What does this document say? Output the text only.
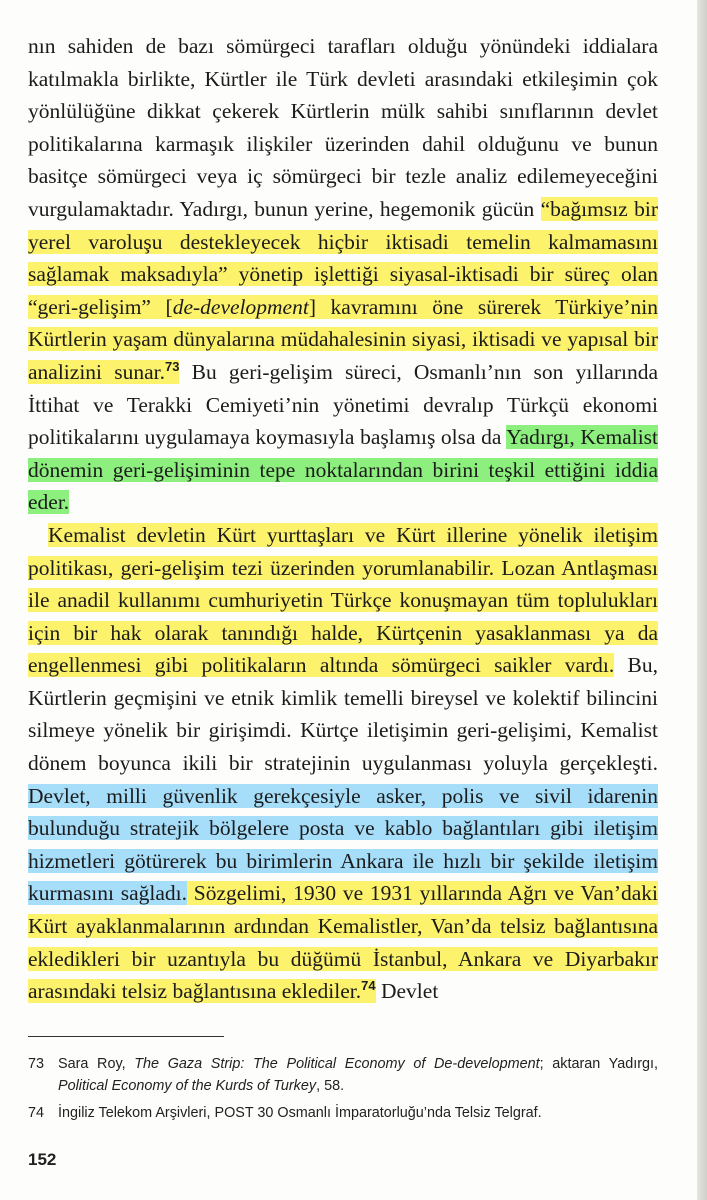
nın sahiden de bazı sömürgeci tarafları olduğu yönündeki iddialara katılmakla birlikte, Kürtler ile Türk devleti arasındaki etkileşimin çok yönlülüğüne dikkat çekerek Kürtlerin mülk sahibi sınıflarının devlet politikalarına karmaşık ilişkiler üzerinden dahil olduğunu ve bunun basitçe sömürgeci veya iç sömürgeci bir tezle analiz edilemeyeceğini vurgulamaktadır. Yadırgı, bunun yerine, hegemonik gücün “bağımsız bir yerel varoluşu destekleyecek hiçbir iktisadi temelin kalmamasını sağlamak maksadıyla” yönetip işlettiği siyasal-iktisadi bir süreç olan “geri-gelişim” [de-development] kavramını öne sürerek Türkiye’nin Kürtlerin yaşam dünyalarına müdahalesinin siyasi, iktisadi ve yapısal bir analizini sunar.$^{73}$ Bu geri-gelişim süreci, Osmanlı’nın son yıllarında İttihat ve Terakki Cemiyeti’nin yönetimi devralıp Türkçü ekonomi politikalarını uygulamaya koymasıyla başlamış olsa da Yadırgı, Kemalist dönemin geri-gelişiminin tepe noktalarından birini teşkil ettiğini iddia eder.

Kemalist devletin Kürt yurttaşları ve Kürt illerine yönelik iletişim politikası, geri-gelişim tezi üzerinden yorumlanabilir. Lozan Antlaşması ile anadil kullanımı cumhuriyetin Türkçe konuşmayan tüm toplulukları için bir hak olarak tanındığı halde, Kürtçenin yasaklanması ya da engellenmesi gibi politikaların altında sömürgeci saikler vardı. Bu, Kürtlerin geçmişini ve etnik kimlik temelli bireysel ve kolektif bilincini silmeye yönelik bir girişimdi. Kürtçe iletişimin geri-gelişimi, Kemalist dönem boyunca ikili bir stratejinin uygulanması yoluyla gerçekleşti. Devlet, milli güvenlik gerekçesiyle asker, polis ve sivil idarenin bulunduğu stratejik bölgelere posta ve kablo bağlantıları gibi iletişim hizmetleri götürerek bu birimlerin Ankara ile hızlı bir şekilde iletişim kurmasını sağladı. Sözgelimi, 1930 ve 1931 yıllarında Ağrı ve Van’daki Kürt ayaklanmalarının ardından Kemalistler, Van’da telsiz bağlantısına ekledikleri bir uzantıyla bu düğümü İstanbul, Ankara ve Diyarbakır arasındaki telsiz bağlantısına eklediler.$^{74}$ Devlet

73 Sara Roy, The Gaza Strip: The Political Economy of De-development; aktaran Yadırgı, Political Economy of the Kurds of Turkey, 58.
74 İngiliz Telekom Arşivleri, POST 30 Osmanlı İmparatorluğu’nda Telsiz Telgraf.
152
